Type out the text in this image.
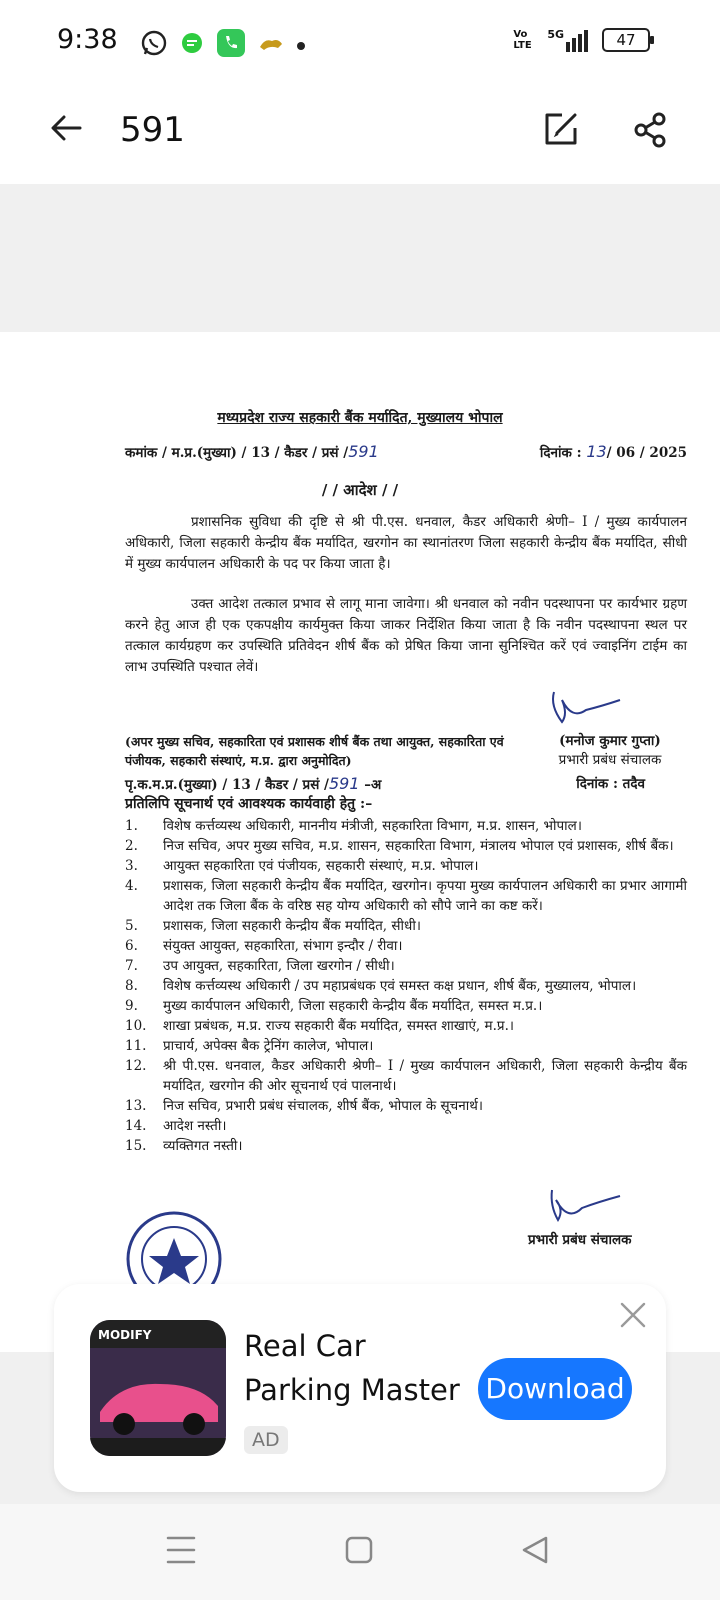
9:38	Vo LTE
5G	47
591
मध्यप्रदेश राज्य सहकारी बैंक मर्यादित, मुख्यालय भोपाल
कमांक / म.प्र.(मुख्या) / 13 / कैडर / प्रसं /591	दिनांक : 13/ 06 / 2025
/ / आदेश / /

प्रशासनिक सुविधा की दृष्टि से श्री पी.एस. धनवाल, कैडर अधिकारी श्रेणी– I / मुख्य कार्यपालन अधिकारी, जिला सहकारी केन्द्रीय बैंक मर्यादित, खरगोन का स्थानांतरण जिला सहकारी केन्द्रीय बैंक मर्यादित, सीधी में मुख्य कार्यपालन अधिकारी के पद पर किया जाता है।

उक्त आदेश तत्काल प्रभाव से लागू माना जावेगा। श्री धनवाल को नवीन पदस्थापना पर कार्यभार ग्रहण करने हेतु आज ही एक एकपक्षीय कार्यमुक्त किया जाकर निर्देशित किया जाता है कि नवीन पदस्थापना स्थल पर तत्काल कार्यग्रहण कर उपस्थिति प्रतिवेदन शीर्ष बैंक को प्रेषित किया जाना सुनिश्चित करें एवं ज्वाइनिंग टाईम का लाभ उपस्थिति पश्चात लेवें।

(अपर मुख्य सचिव, सहकारिता एवं प्रशासक शीर्ष बैंक तथा आयुक्त, सहकारिता एवं पंजीयक, सहकारी संस्थाएं, म.प्र. द्वारा अनुमोदित)
(मनोज कुमार गुप्ता)
प्रभारी प्रबंध संचालक
पृ.क.म.प्र.(मुख्या) / 13 / कैडर / प्रसं /591 –अ	दिनांक : तदैव
प्रतिलिपि सूचनार्थ एवं आवश्यक कार्यवाही हेतु :–
1.	विशेष कर्त्तव्यस्थ अधिकारी, माननीय मंत्रीजी, सहकारिता विभाग, म.प्र. शासन, भोपाल।
2.	निज सचिव, अपर मुख्य सचिव, म.प्र. शासन, सहकारिता विभाग, मंत्रालय भोपाल एवं प्रशासक, शीर्ष बैंक।
3.	आयुक्त सहकारिता एवं पंजीयक, सहकारी संस्थाएं, म.प्र. भोपाल।
4.	प्रशासक, जिला सहकारी केन्द्रीय बैंक मर्यादित, खरगोन। कृपया मुख्य कार्यपालन अधिकारी का प्रभार आगामी आदेश तक जिला बैंक के वरिष्ठ सह योग्य अधिकारी को सौपे जाने का कष्ट करें।
5.	प्रशासक, जिला सहकारी केन्द्रीय बैंक मर्यादित, सीधी।
6.	संयुक्त आयुक्त, सहकारिता, संभाग इन्दौर / रीवा।
7.	उप आयुक्त, सहकारिता, जिला खरगोन / सीधी।
8.	विशेष कर्त्तव्यस्थ अधिकारी / उप महाप्रबंधक एवं समस्त कक्ष प्रधान, शीर्ष बैंक, मुख्यालय, भोपाल।
9.	मुख्य कार्यपालन अधिकारी, जिला सहकारी केन्द्रीय बैंक मर्यादित, समस्त म.प्र.।
10.	शाखा प्रबंधक, म.प्र. राज्य सहकारी बैंक मर्यादित, समस्त शाखाएं, म.प्र.।
11.	प्राचार्य, अपेक्स बैक ट्रेनिंग कालेज, भोपाल।
12.	श्री पी.एस. धनवाल, कैडर अधिकारी श्रेणी– I / मुख्य कार्यपालन अधिकारी, जिला सहकारी केन्द्रीय बैंक मर्यादित, खरगोन की ओर सूचनार्थ एवं पालनार्थ।
13.	निज सचिव, प्रभारी प्रबंध संचालक, शीर्ष बैंक, भोपाल के सूचनार्थ।
14.	आदेश नस्ती।
15.	व्यक्तिगत नस्ती।
प्रभारी प्रबंध संचालक
MODIFY	Real Car
Parking Master
AD
Download
